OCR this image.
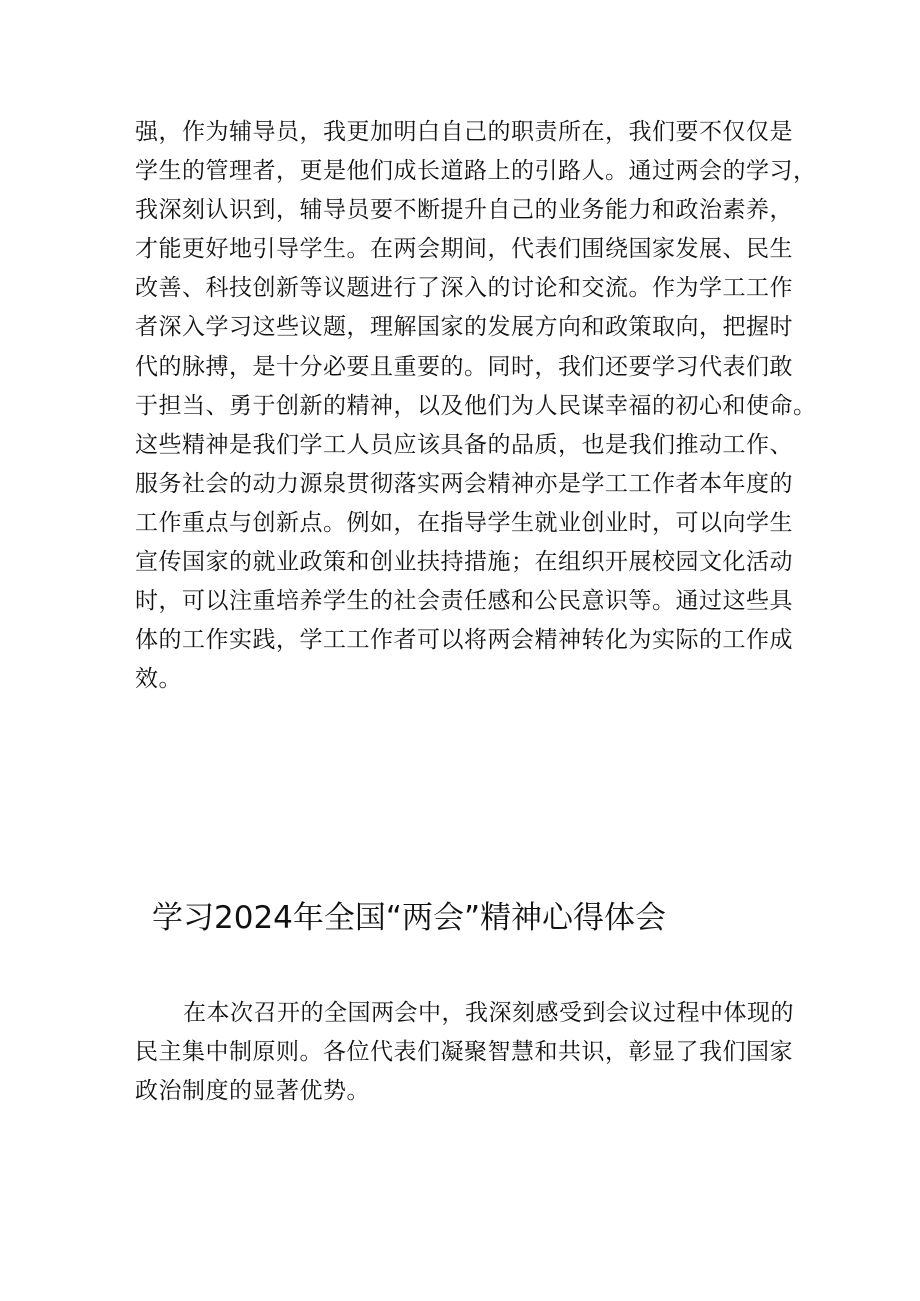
强，作为辅导员，我更加明白自己的职责所在，我们要不仅仅是
学生的管理者，更是他们成长道路上的引路人。通过两会的学习，
我深刻认识到，辅导员要不断提升自己的业务能力和政治素养，
才能更好地引导学生。在两会期间，代表们围绕国家发展、民生
改善、科技创新等议题进行了深入的讨论和交流。作为学工工作
者深入学习这些议题，理解国家的发展方向和政策取向，把握时
代的脉搏，是十分必要且重要的。同时，我们还要学习代表们敢
于担当、勇于创新的精神，以及他们为人民谋幸福的初心和使命。
这些精神是我们学工人员应该具备的品质，也是我们推动工作、
服务社会的动力源泉贯彻落实两会精神亦是学工工作者本年度的
工作重点与创新点。例如，在指导学生就业创业时，可以向学生
宣传国家的就业政策和创业扶持措施；在组织开展校园文化活动
时，可以注重培养学生的社会责任感和公民意识等。通过这些具
体的工作实践，学工工作者可以将两会精神转化为实际的工作成
效。
学习2024年全国“两会”精神心得体会
在本次召开的全国两会中，我深刻感受到会议过程中体现的
民主集中制原则。各位代表们凝聚智慧和共识，彰显了我们国家
政治制度的显著优势。
